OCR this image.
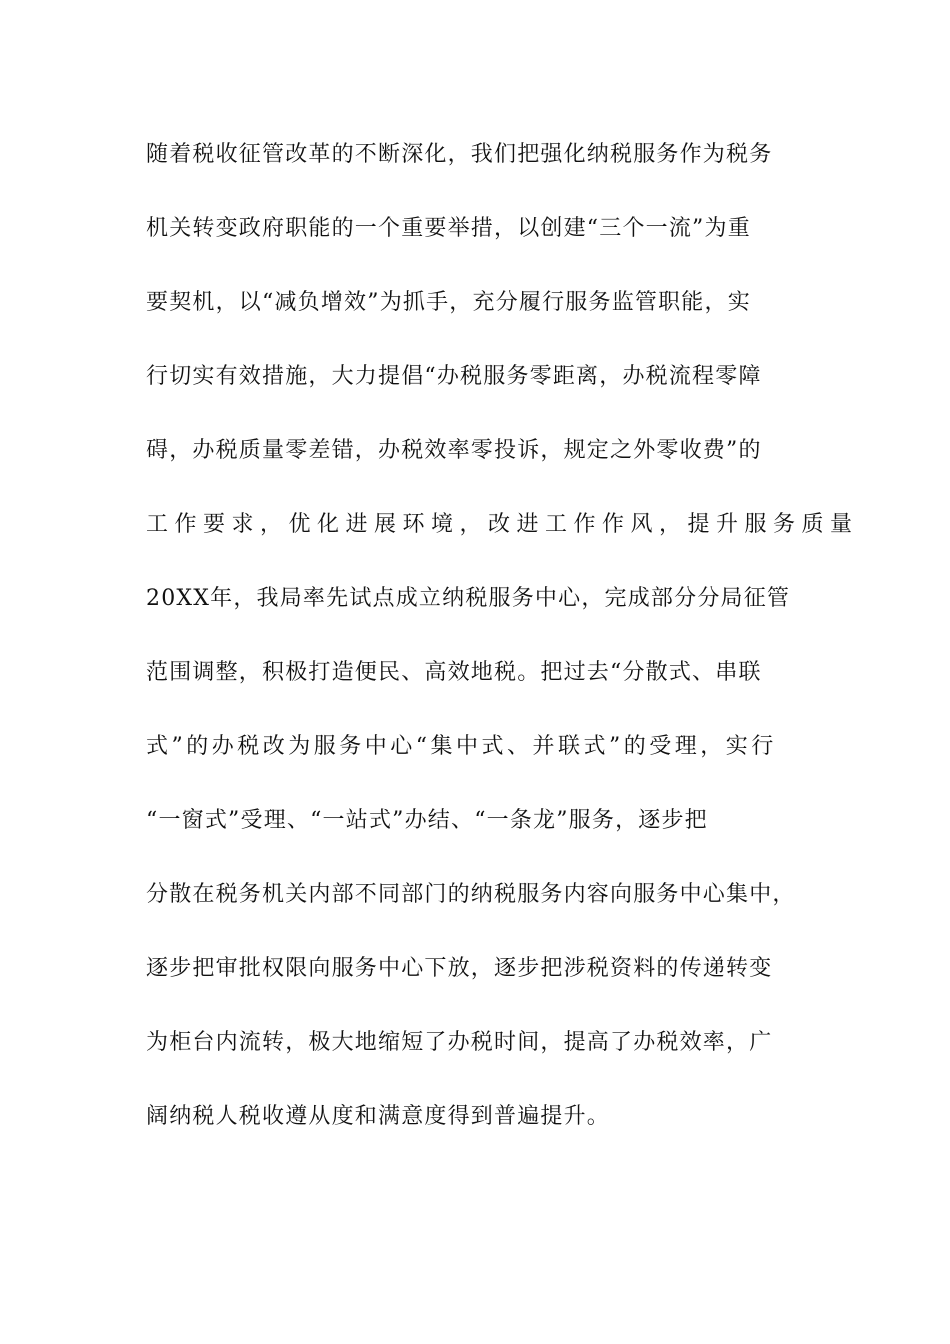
随着税收征管改革的不断深化，我们把强化纳税服务作为税务
机关转变政府职能的一个重要举措，以创建“三个一流”为重
要契机，以“减负增效”为抓手，充分履行服务监管职能，实
行切实有效措施，大力提倡“办税服务零距离，办税流程零障
碍，办税质量零差错，办税效率零投诉，规定之外零收费”的
工作要求，优化进展环境，改进工作作风，提升服务质量
20XX年，我局率先试点成立纳税服务中心，完成部分分局征管
范围调整，积极打造便民、高效地税。把过去“分散式、串联
式”的办税改为服务中心“集中式、并联式”的受理，实行
“一窗式”受理、“一站式”办结、“一条龙”服务，逐步把
分散在税务机关内部不同部门的纳税服务内容向服务中心集中，
逐步把审批权限向服务中心下放，逐步把涉税资料的传递转变
为柜台内流转，极大地缩短了办税时间，提高了办税效率，广
阔纳税人税收遵从度和满意度得到普遍提升。
